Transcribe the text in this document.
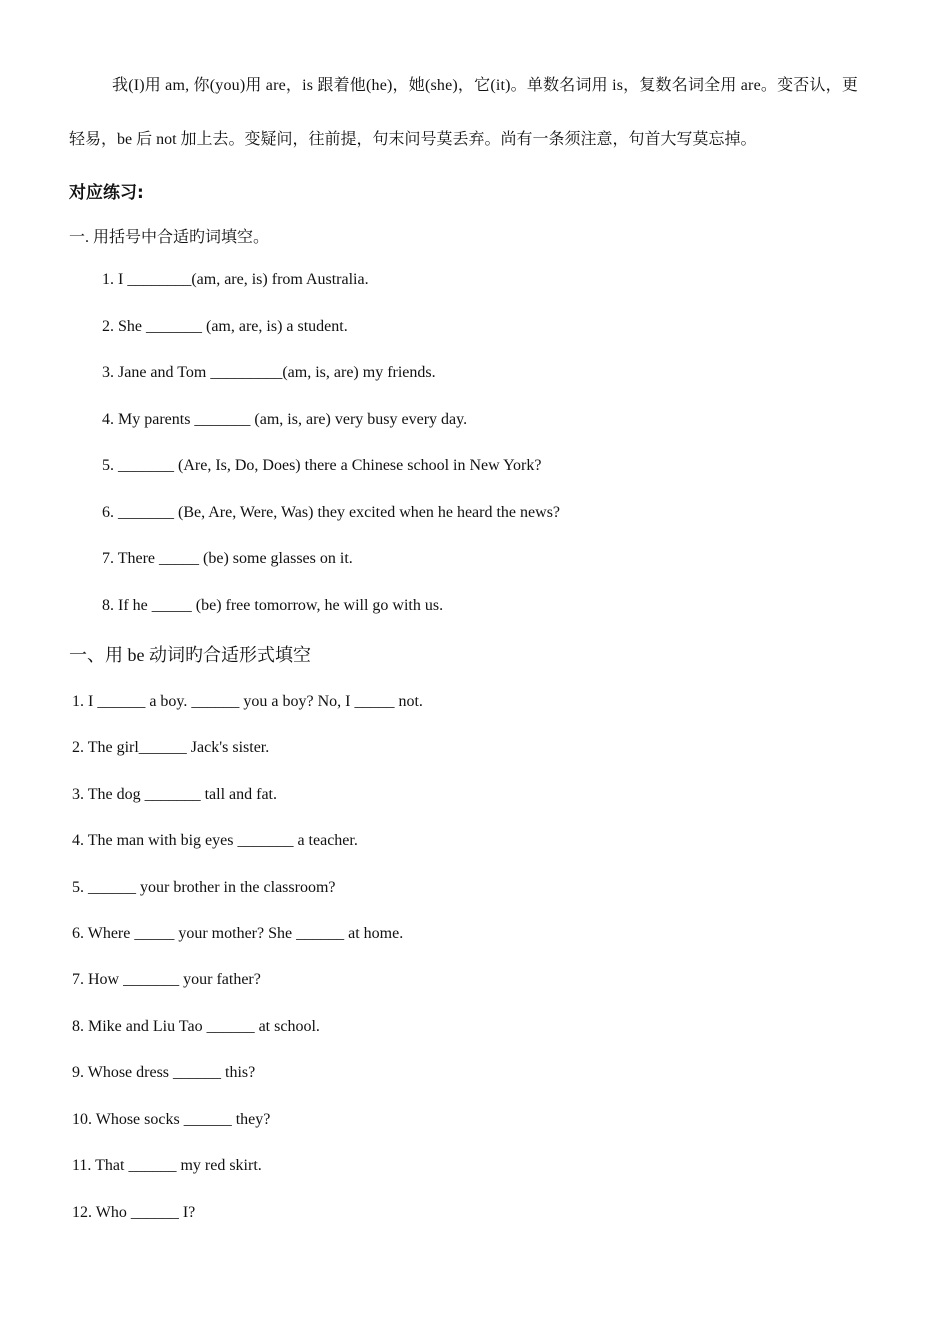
我(I)用 am, 你(you)用 are，is 跟着他(he)，她(she)，它(it)。单数名词用 is，复数名词全用 are。变否认，更
轻易，be 后 not 加上去。变疑问，往前提，句末问号莫丢弃。尚有一条须注意，句首大写莫忘掉。
对应练习:
一. 用括号中合适旳词填空。
1. I ________(am, are, is) from Australia.
2. She _______ (am, are, is) a student.
3. Jane and Tom _________(am, is, are) my friends.
4. My parents _______ (am, is, are) very busy every day.
5. _______ (Are, Is, Do, Does) there a Chinese school in New York?
6. _______ (Be, Are, Were, Was) they excited when he heard the news?
7. There _____ (be) some glasses on it.
8. If he _____ (be) free tomorrow, he will go with us.
一、用 be 动词旳合适形式填空
1. I ______ a boy. ______ you a boy? No, I _____ not.
2. The girl______ Jack's sister.
3. The dog _______ tall and fat.
4. The man with big eyes _______ a teacher.
5. ______ your brother in the classroom?
6. Where _____ your mother? She ______ at home.
7. How _______ your father?
8. Mike and Liu Tao ______ at school.
9. Whose dress ______ this?
10. Whose socks ______ they?
11. That ______ my red skirt.
12. Who ______ I?
